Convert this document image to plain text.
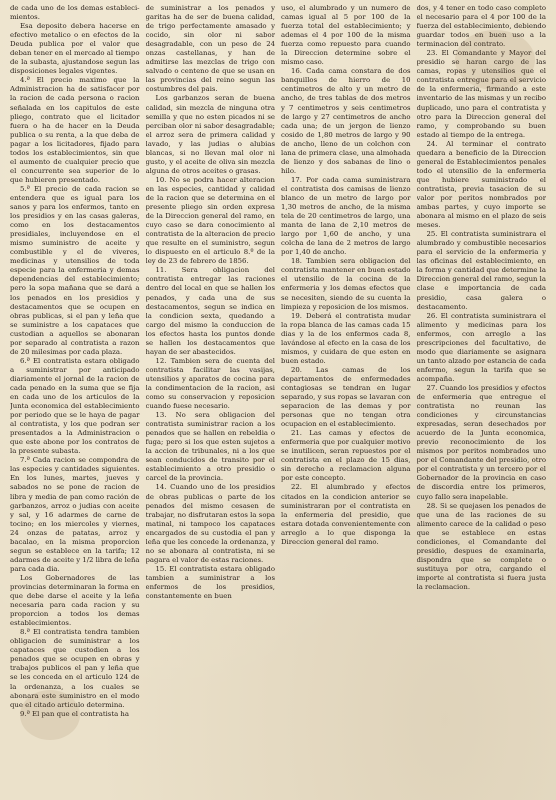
de cada uno de los demas estableci-mientos.

Esa deposito debera hacerse en efectivo metalico o en efectos de la Deuda publica por el valor que deban tener en el mercado al tiempo de la subasta, ajustandose segun las disposiciones legales vigentes.

4.ª El precio maximo que la Administracion ha de satisfacer por la racion de cada persona o racion señalada en los capitulos de este pliego, contrato que el licitador fuera o ha de hacer en la Deuda publica o su renta, a la que deba de pagar a los licitadores, fijado para todos los establecimientos, sin que el aumento de cualquier precio que el concurrente sea superior de lo que hubieren presentado.

5.ª El precio de cada racion se entendera que es igual para los sanos y para los enfermos, tanto en los presidios y en las casas galeras, como en los destacamentos presidiales, incluyendose en el mismo suministro de aceite y combustible y el de viveres, medicinas y utensilios de toda especie para la enfermeria y demas dependencias del establecimiento; pero la sopa mañana que se dará a los penados en los presidios y destacamentos que se ocupen en obras publicas, si el pan y leña que se suministre a los capataces que custodian a aquellos se abonaran por separado al contratista a razon de 20 milesimas por cada plaza.

6.ª El contratista estara obligado a suministrar por anticipado diariamente el jornal de la racion de cada penado en la suma que se fija en cada uno de los articulos de la Junta economica del establecimiento por periodo que se le haya de pagar al contratista, y los que podran ser presentados a la Administracion o que este abone por los contratos de la presente subasta.

7.ª Cada racion se compondra de las especies y cantidades siguientes. En los lunes, martes, jueves y sabados no se pone de racion de libra y media de pan como ración de garbanzos, arroz o judias con aceite y sal, y 16 adarmes de carne de tocino; en los miercoles y viernes, 24 onzas de patatas, arroz y bacalao, en la misma proporcion segun se establece en la tarifa; 12 adarmes de aceite y 1/2 libra de leña para cada dia.

Los Gobernadores de las provincias determinaran la forma en que debe darse el aceite y la leña necesaria para cada racion y su proporcion a todos los demas establecimientos.

8.ª El contratista tendra tambien obligacion de suministrar a los capataces que custodien a los penados que se ocupen en obras y trabajos publicos el pan y leña que se les conceda en el articulo 124 de la ordenanza, a los cuales se abonara este suministro en el modo que el citado articulo determina.

9.ª El pan que el contratista ha

de suministrar a los penados y garitas ha de ser de buena calidad, de trigo perfectamente amasado y cocido, sin olor ni sabor desagradable, con un peso de 24 onzas castellanas, y han de admitirse las mezclas de trigo con salvado o centeno de que se usan en las provincias del reino segun las costumbres del pais.

Los garbanzos seran de buena calidad, sin mezcla de ninguna otra semilla y que no esten picados ni se perciban olor ni sabor desagradable; el arroz sera de primera calidad y lavado, y las judias o alubias blancas, si no llevan mal olor ni gusto, y el aceite de oliva sin mezcla alguna de otros aceites o grasas.

10. No se podra hacer alteracion en las especies, cantidad y calidad de la racion que se determina en el presente pliego sin orden expresa de la Direccion general del ramo, en cuyo caso se dara conocimiento al contratista de la alteracion de precio que resulte en el suministro, segun lo dispuesto en el articulo 8.º de la ley de 23 de febrero de 1856.

11. Sera obligacion del contratista entregar las raciones dentro del local en que se hallen los penados, y cada una de sus destacamentos, segun se indica en la condicion sexta, quedando a cargo del mismo la conduccion de los efectos hasta los puntos donde se hallen los destacamentos que hayan de ser abastecidos.

12. Tambien sera de cuenta del contratista facilitar las vasijas, utensilios y aparatos de cocina para la condimentacion de la racion, asi como su conservacion y reposicion cuando fuese necesario.

13. No sera obligacion del contratista suministrar racion a los penados que se hallen en rebeldia o fuga; pero si los que esten sujetos a la accion de tribunales, ni a los que sean conducidos de transito por el establecimiento a otro presidio o carcel de la provincia.

14. Cuando uno de los presidios de obras publicas o parte de los penados del mismo cesasen de trabajar, no disfrutaran estos la sopa matinal, ni tampoco los capataces encargados de su custodia el pan y leña que les concede la ordenanza, y no se abonara al contratista, ni se pagara el valor de estas raciones.

15. El contratista estara obligado tambien a suministrar a los enfermos de los presidios, constantemente en buen

uso, el alumbrado y un numero de camas igual al 5 por 100 de la fuerza total del establecimiento; y ademas el 4 por 100 de la misma fuerza como repuesto para cuando la Direccion determine sobre el mismo caso.

16. Cada cama constara de dos banquillos de hierro de 10 centimetros de alto y un metro de ancho, de tres tablas de dos metros y 7 centimetros y seis centimetros de largo y 27 centimetros de ancho cada una; de un jergon de lienzo cosido de 1,80 metros de largo y 90 de ancho, lleno de un colchon con lana de primera clase, una almohada de lienzo y dos sabanas de lino o hilo.

17. Por cada cama suministrara el contratista dos camisas de lienzo blanco de un metro de largo por 1,30 metros de ancho, de la misma tela de 20 centimetros de largo, una manta de lana de 2,10 metros de largo por 1,60 de ancho, y una colcha de lana de 2 metros de largo por 1,40 de ancho.

18. Tambien sera obligacion del contratista mantener en buen estado el utensilio de la cocina de la enfermeria y los demas efectos que se necesiten, siendo de su cuenta la limpieza y reposicion de los mismos.

19. Deberá el contratista mudar la ropa blanca de las camas cada 15 dias y la de los enfermos cada 8, lavándose al efecto en la casa de los mismos, y cuidara de que esten en buen estado.

20. Las camas de los departamentos de enfermedades contagiosas se tendran en lugar separado, y sus ropas se lavaran con separacion de las demas y por personas que no tengan otra ocupacion en el establecimiento.

21. Las camas y efectos de enfermeria que por cualquier motivo se inutilicen, seran repuestos por el contratista en el plazo de 15 dias, sin derecho a reclamacion alguna por este concepto.

22. El alumbrado y efectos citados en la condicion anterior se suministraran por el contratista en la enfermeria del presidio, que estara dotada convenientemente con arreglo a lo que disponga la Direccion general del ramo.

dos, y 4 tener en todo caso completo el necesario para el 4 por 100 de la fuerza del establecimiento, debiendo guardar todos en buen uso a la terminacion del contrato.

23. El Comandante y Mayor del presidio se haran cargo de las camas, ropas y utensilios que el contratista entregue para el servicio de la enfermeria, firmando a este inventario de las mismas y un recibo duplicado, uno para el contratista y otro para la Direccion general del ramo, y comprobando su buen estado al tiempo de la entrega.

24. Al terminar el contrato quedara a beneficio de la Direccion general de Establecimientos penales todo el utensilio de la enfermeria que hubiere suministrado el contratista, previa tasacion de su valor por peritos nombrados por ambas partes, y cuyo importe se abonara al mismo en el plazo de seis meses.

25. El contratista suministrara el alumbrado y combustible necesarios para el servicio de la enfermeria y las oficinas del establecimiento, en la forma y cantidad que determine la Direccion general del ramo, segun la clase e importancia de cada presidio, casa galera o destacamento.

26. El contratista suministrara el alimento y medicinas para los enfermos, con arreglo a las prescripciones del facultativo, de modo que diariamente se asignara un tanto alzado por estancia de cada enfermo, segun la tarifa que se acompaña.

27. Cuando los presidios y efectos de enfermeria que entregue el contratista no reunan las condiciones y circunstancias expresadas, seran desechados por acuerdo de la Junta economica, previo reconocimiento de los mismos por peritos nombrados uno por el Comandante del presidio, otro por el contratista y un tercero por el Gobernador de la provincia en caso de discordia entre los primeros, cuyo fallo sera inapelable.

28. Si se quejasen los penados de que una de las raciones de su alimento carece de la calidad o peso que se establece en estas condiciones, el Comandante del presidio, despues de examinarla, dispondra que se complete o sustituya por otra, cargando el importe al contratista si fuera justa la reclamacion.
